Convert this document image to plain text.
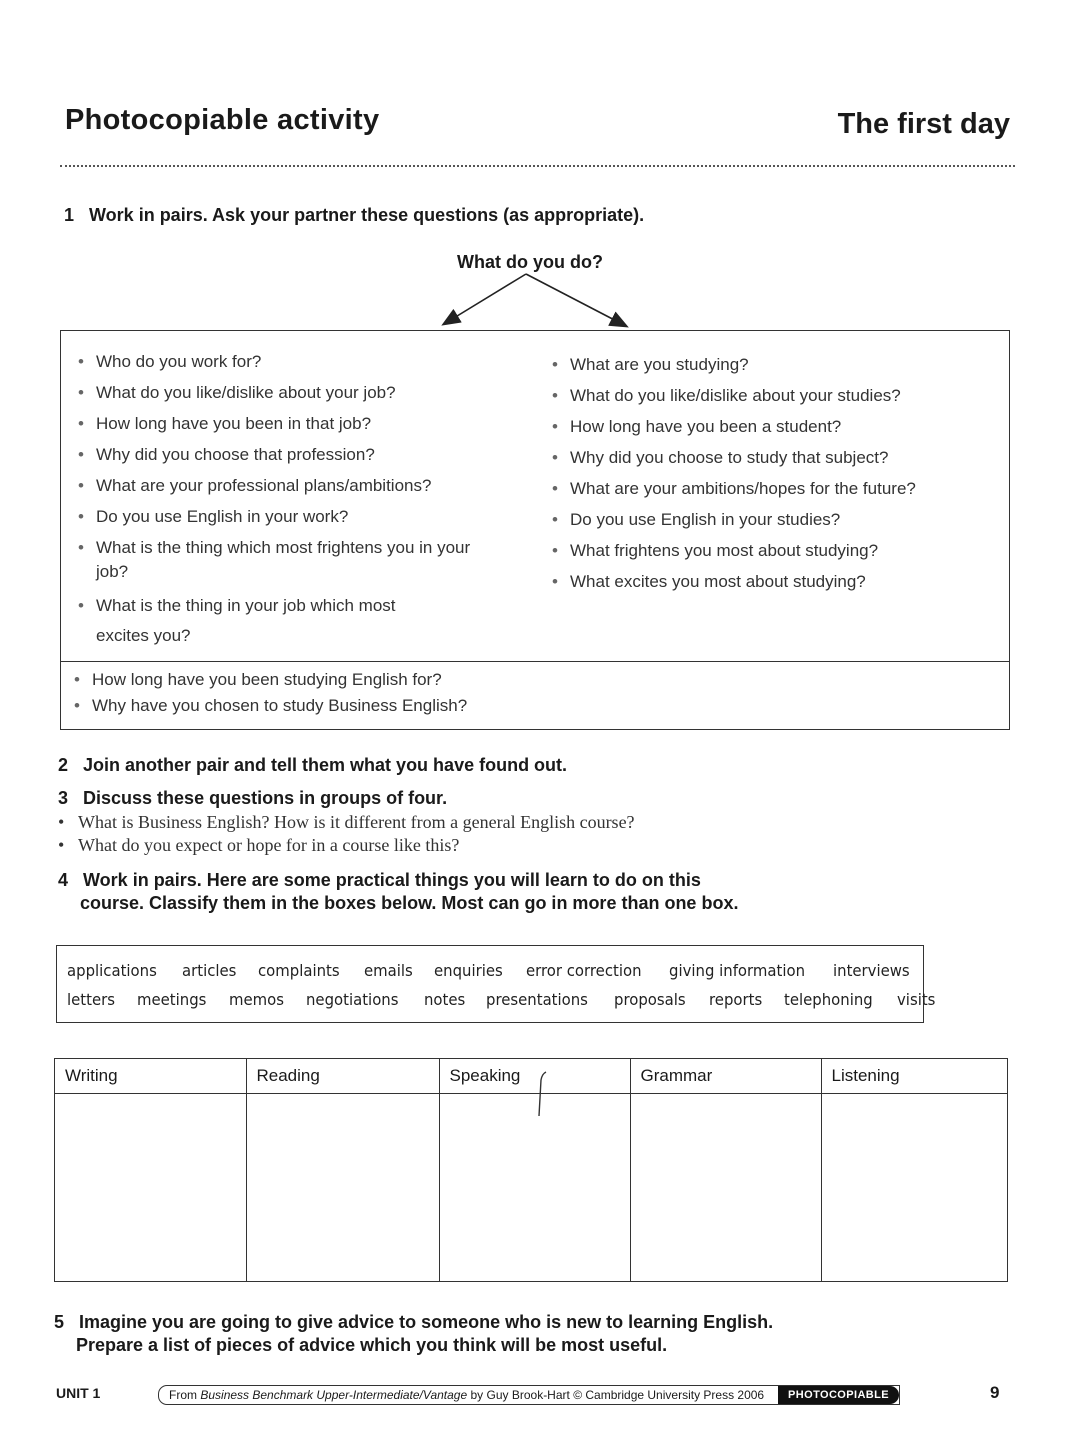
Photocopiable activity	The first day
1 Work in pairs. Ask your partner these questions (as appropriate).
What do you do?
• Who do you work for?
• What do you like/dislike about your job?
• How long have you been in that job?
• Why did you choose that profession?
• What are your professional plans/ambitions?
• Do you use English in your work?
• What is the thing which most frightens you in your job?
• What is the thing in your job which most excites you?
• What are you studying?
• What do you like/dislike about your studies?
• How long have you been a student?
• Why did you choose to study that subject?
• What are your ambitions/hopes for the future?
• Do you use English in your studies?
• What frightens you most about studying?
• What excites you most about studying?
• How long have you been studying English for?
• Why have you chosen to study Business English?
2 Join another pair and tell them what you have found out.
3 Discuss these questions in groups of four.
• What is Business English? How is it different from a general English course?
• What do you expect or hope for in a course like this?
4 Work in pairs. Here are some practical things you will learn to do on this
course. Classify them in the boxes below. Most can go in more than one box.
applications articles complaints emails enquiries error correction giving information interviews
letters meetings memos negotiations notes presentations proposals reports telephoning visits
Writing	Reading	Speaking	Grammar	Listening

5 Imagine you are going to give advice to someone who is new to learning English.
Prepare a list of pieces of advice which you think will be most useful.
UNIT 1	From Business Benchmark Upper-Intermediate/Vantage by Guy Brook-Hart © Cambridge University Press 2006	PHOTOCOPIABLE	9
